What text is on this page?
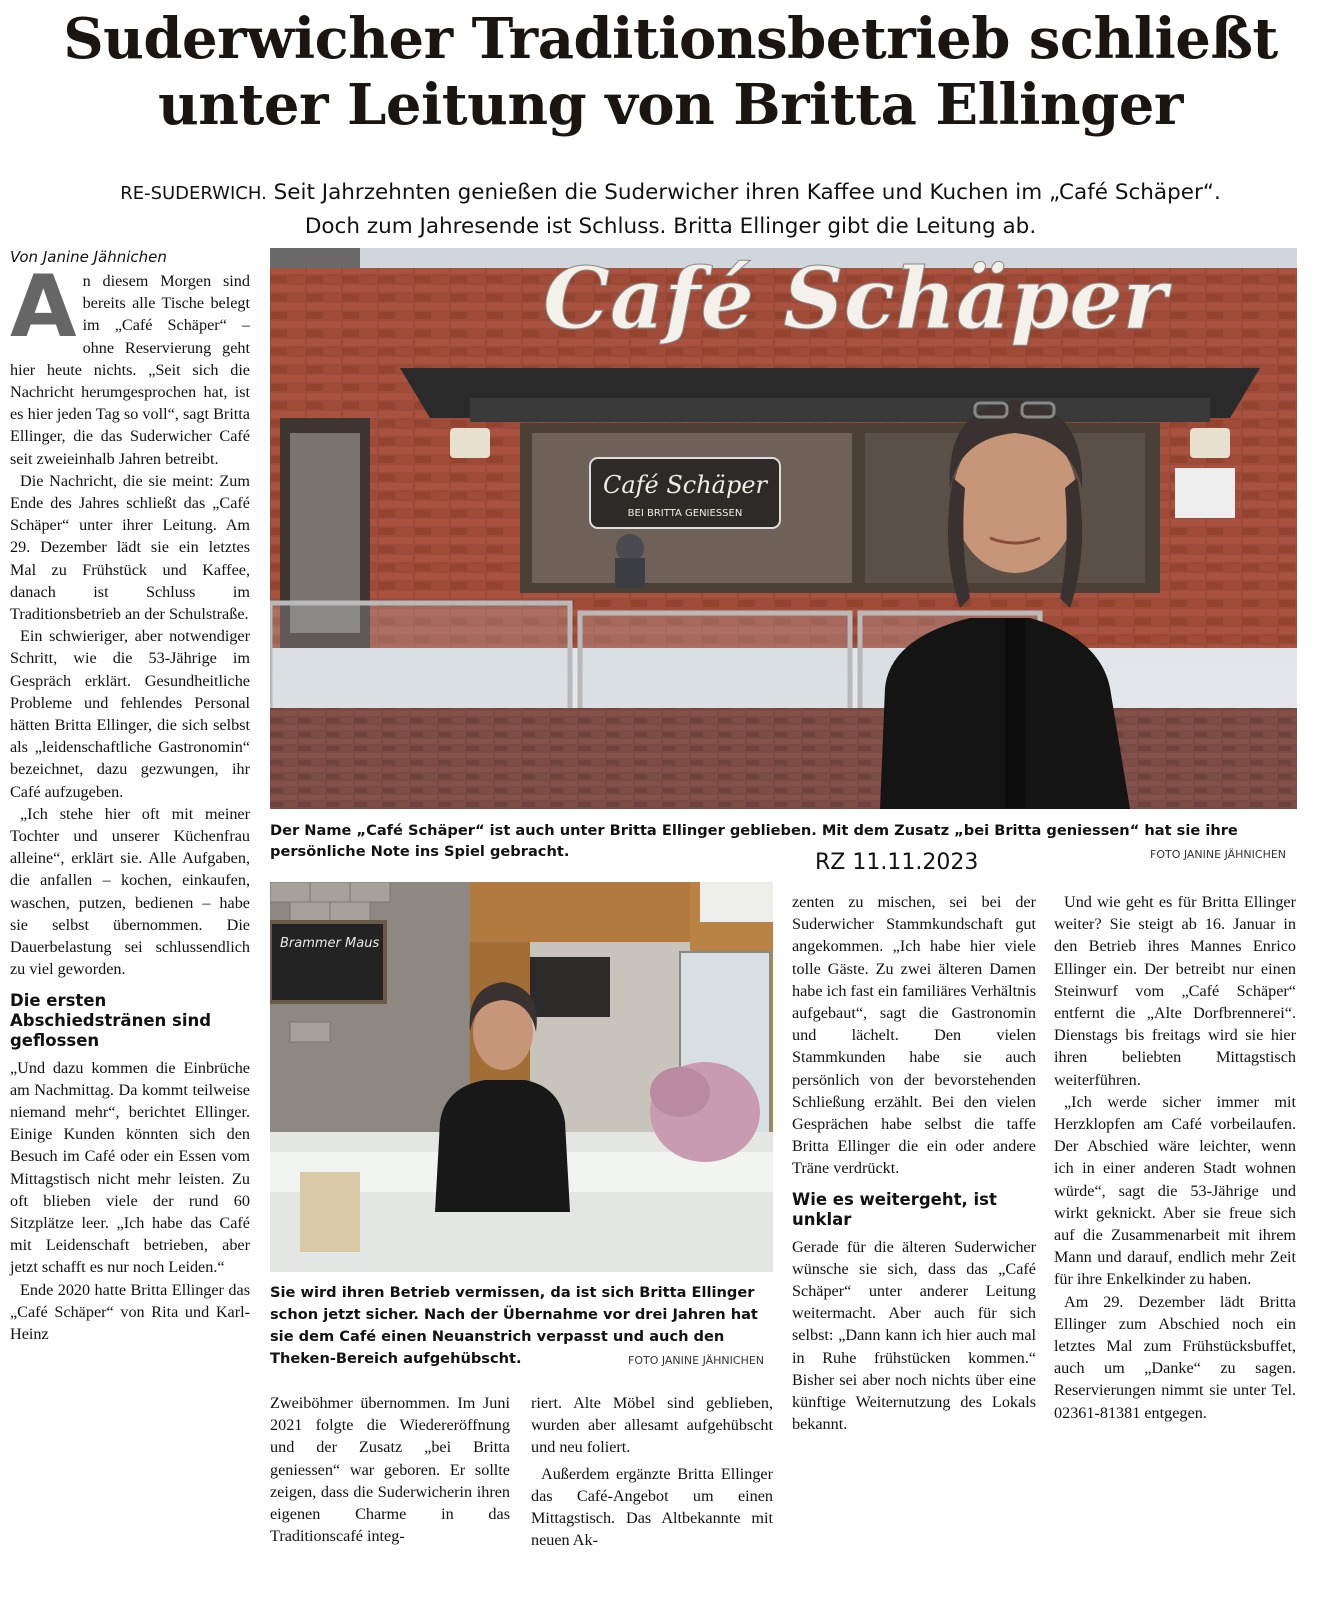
Suderwicher Traditionsbetrieb schließt
unter Leitung von Britta Ellinger
RE-SUDERWICH. Seit Jahrzehnten genießen die Suderwicher ihren Kaffee und Kuchen im „Café Schäper“.
Doch zum Jahresende ist Schluss. Britta Ellinger gibt die Leitung ab.
Von Janine Jähnichen

An diesem Morgen sind bereits alle Tische belegt im „Café Schäper“ – ohne Reservierung geht hier heute nichts. „Seit sich die Nachricht herumgesprochen hat, ist es hier jeden Tag so voll“, sagt Britta Ellinger, die das Suderwicher Café seit zweieinhalb Jahren betreibt.

Die Nachricht, die sie meint: Zum Ende des Jahres schließt das „Café Schäper“ unter ihrer Leitung. Am 29. Dezember lädt sie ein letztes Mal zu Frühstück und Kaffee, danach ist Schluss im Traditionsbetrieb an der Schulstraße.

Ein schwieriger, aber notwendiger Schritt, wie die 53-Jährige im Gespräch erklärt. Gesundheitliche Probleme und fehlendes Personal hätten Britta Ellinger, die sich selbst als „leidenschaftliche Gastronomin“ bezeichnet, dazu gezwungen, ihr Café aufzugeben.

„Ich stehe hier oft mit meiner Tochter und unserer Küchenfrau alleine“, erklärt sie. Alle Aufgaben, die anfallen – kochen, einkaufen, waschen, putzen, bedienen – habe sie selbst übernommen. Die Dauerbelastung sei schlussendlich zu viel geworden.

Die ersten Abschiedstränen sind geflossen

„Und dazu kommen die Einbrüche am Nachmittag. Da kommt teilweise niemand mehr“, berichtet Ellinger. Einige Kunden könnten sich den Besuch im Café oder ein Essen vom Mittagstisch nicht mehr leisten. Zu oft blieben viele der rund 60 Sitzplätze leer. „Ich habe das Café mit Leidenschaft betrieben, aber jetzt schafft es nur noch Leiden.“

Ende 2020 hatte Britta Ellinger das „Café Schäper“ von Rita und Karl-Heinz

Café Schäper
Café Schäper
BEI BRITTA GENIESSEN
Der Name „Café Schäper“ ist auch unter Britta Ellinger geblieben. Mit dem Zusatz „bei Britta geniessen“ hat sie ihre persönliche Note ins Spiel gebracht.	FOTO JANINE JÄHNICHEN
RZ 11.11.2023
Brammer Maus
Sie wird ihren Betrieb vermissen, da ist sich Britta Ellinger schon jetzt sicher. Nach der Übernahme vor drei Jahren hat sie dem Café einen Neuanstrich verpasst und auch den Theken-Bereich aufgehübscht.	FOTO JANINE JÄHNICHEN

Zweiböhmer übernommen. Im Juni 2021 folgte die Wiedereröffnung und der Zusatz „bei Britta geniessen“ war geboren. Er sollte zeigen, dass die Suderwicherin ihren eigenen Charme in das Traditionscafé integ-

riert. Alte Möbel sind geblieben, wurden aber allesamt aufgehübscht und neu foliert.

Außerdem ergänzte Britta Ellinger das Café-Angebot um einen Mittagstisch. Das Altbekannte mit neuen Ak-

zenten zu mischen, sei bei der Suderwicher Stammkundschaft gut angekommen. „Ich habe hier viele tolle Gäste. Zu zwei älteren Damen habe ich fast ein familiäres Verhältnis aufgebaut“, sagt die Gastronomin und lächelt. Den vielen Stammkunden habe sie auch persönlich von der bevorstehenden Schließung erzählt. Bei den vielen Gesprächen habe selbst die taffe Britta Ellinger die ein oder andere Träne verdrückt.

Wie es weitergeht, ist unklar

Gerade für die älteren Suderwicher wünsche sie sich, dass das „Café Schäper“ unter anderer Leitung weitermacht. Aber auch für sich selbst: „Dann kann ich hier auch mal in Ruhe frühstücken kommen.“ Bisher sei aber noch nichts über eine künftige Weiternutzung des Lokals bekannt.

Und wie geht es für Britta Ellinger weiter? Sie steigt ab 16. Januar in den Betrieb ihres Mannes Enrico Ellinger ein. Der betreibt nur einen Steinwurf vom „Café Schäper“ entfernt die „Alte Dorfbrennerei“. Dienstags bis freitags wird sie hier ihren beliebten Mittagstisch weiterführen.

„Ich werde sicher immer mit Herzklopfen am Café vorbeilaufen. Der Abschied wäre leichter, wenn ich in einer anderen Stadt wohnen würde“, sagt die 53-Jährige und wirkt geknickt. Aber sie freue sich auf die Zusammenarbeit mit ihrem Mann und darauf, endlich mehr Zeit für ihre Enkelkinder zu haben.

Am 29. Dezember lädt Britta Ellinger zum Abschied noch ein letztes Mal zum Frühstücksbuffet, auch um „Danke“ zu sagen. Reservierungen nimmt sie unter Tel. 02361-81381 entgegen.
